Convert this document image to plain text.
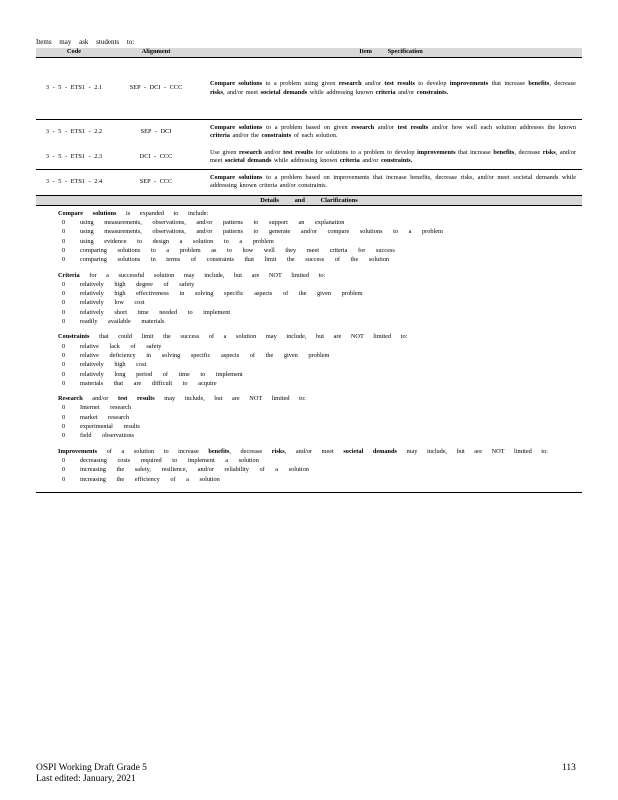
Items may ask students to:
Code	Alignment	Item Specification
3 - 5 - ETS1 - 2.1	SEP - DCI - CCC	Compare solutions to a problem using given research and/or test results to develop improvements that increase benefits, decrease risks, and/or meet societal demands while addressing known criteria and/or constraints.
3 - 5 - ETS1 - 2.2	SEP - DCI	Compare solutions to a problem based on given research and/or test results and/or how well each solution addresses the known criteria and/or the constraints of each solution.
3 - 5 - ETS1 - 2.3	DCI - CCC	Use given research and/or test results for solutions to a problem to develop improvements that increase benefits, decrease risks, and/or meet societal demands while addressing known criteria and/or constraints.
3 - 5 - ETS1 - 2.4	SEP - CCC	Compare solutions to a problem based on improvements that increase benefits, decrease risks, and/or meet societal demands while addressing known criteria and/or constraints.
Details and Clarifications
Compare solutions is expanded to include:
0	using measurements, observations, and/or patterns to support an explanation
0	using measurements, observations, and/or patterns to generate and/or compare solutions to a problem
0	using evidence to design a solution to a problem
0	comparing solutions to a problem as to how well they meet criteria for success
0	comparing solutions in terms of constraints that limit the success of the solution
Criteria for a successful solution may include, but are NOT limited to:
0	relatively high degree of safety
0	relatively high effectiveness in solving specific aspects of the given problem
0	relatively low cost
0	relatively short time needed to implement
0	readily available materials
Constraints that could limit the success of a solution may include, but are NOT limited to:
0	relative lack of safety
0	relative deficiency in solving specific aspects of the given problem
0	relatively high cost
0	relatively long period of time to implement
0	materials that are difficult to acquire
Research and/or test results may include, but are NOT limited to:
0	Internet research
0	market research
0	experimental results
0	field observations
Improvements of a solution to increase benefits, decrease risks, and/or meet societal demands may include, but are NOT limited to:
0	decreasing costs required to implement a solution
0	increasing the safety, resilience, and/or reliability of a solution
0	increasing the efficiency of a solution
OSPI Working Draft Grade 5
Last edited: January, 2021
113
